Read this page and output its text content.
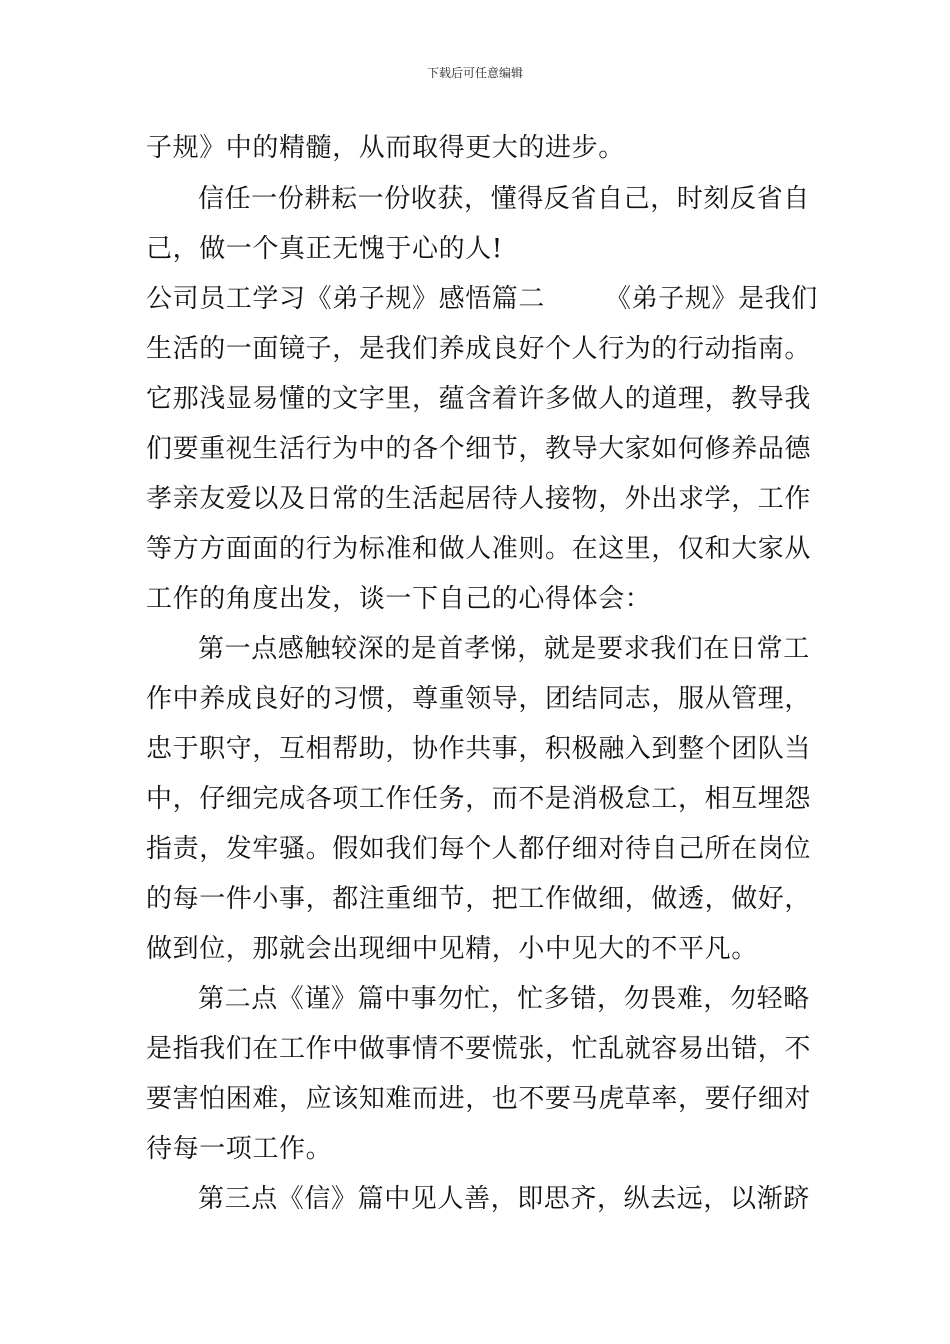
下载后可任意编辑
子规》中的精髓，从而取得更大的进步。
信任一份耕耘一份收获，懂得反省自己，时刻反省自
己，做一个真正无愧于心的人!
公司员工学习《弟子规》感悟篇二 《弟子规》是我们
生活的一面镜子，是我们养成良好个人行为的行动指南。
它那浅显易懂的文字里，蕴含着许多做人的道理，教导我
们要重视生活行为中的各个细节，教导大家如何修养品德
孝亲友爱以及日常的生活起居待人接物，外出求学，工作
等方方面面的行为标准和做人准则。在这里，仅和大家从
工作的角度出发，谈一下自己的心得体会：
第一点感触较深的是首孝悌，就是要求我们在日常工
作中养成良好的习惯，尊重领导，团结同志，服从管理，
忠于职守，互相帮助，协作共事，积极融入到整个团队当
中，仔细完成各项工作任务，而不是消极怠工，相互埋怨
指责，发牢骚。假如我们每个人都仔细对待自己所在岗位
的每一件小事，都注重细节，把工作做细，做透，做好，
做到位，那就会出现细中见精，小中见大的不平凡。
第二点《谨》篇中事勿忙，忙多错，勿畏难，勿轻略
是指我们在工作中做事情不要慌张，忙乱就容易出错，不
要害怕困难，应该知难而进，也不要马虎草率，要仔细对
待每一项工作。
第三点《信》篇中见人善，即思齐，纵去远，以渐跻
